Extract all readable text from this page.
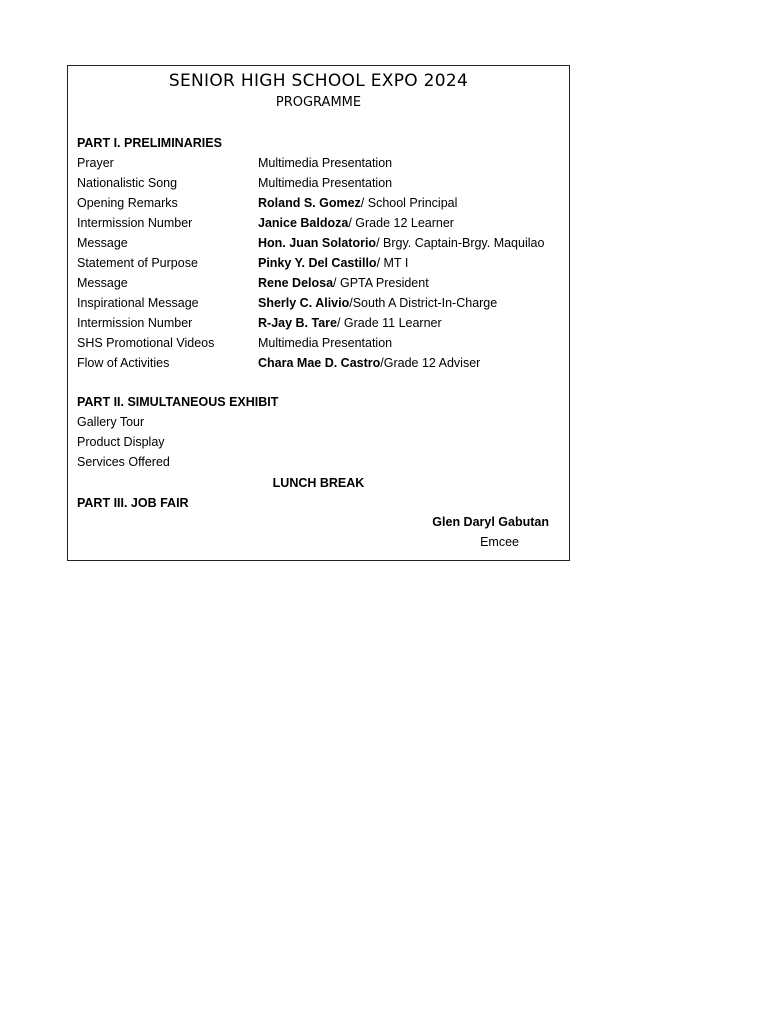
SENIOR HIGH SCHOOL EXPO 2024
PROGRAMME
PART I. PRELIMINARIES
Prayer	Multimedia Presentation
Nationalistic Song	Multimedia Presentation
Opening Remarks	Roland S. Gomez/ School Principal
Intermission Number	Janice Baldoza/ Grade 12 Learner
Message	Hon. Juan Solatorio/ Brgy. Captain-Brgy. Maquilao
Statement of Purpose	Pinky Y. Del Castillo/ MT I
Message	Rene Delosa/ GPTA President
Inspirational Message	Sherly C. Alivio/South A District-In-Charge
Intermission Number	R-Jay B. Tare/ Grade 11 Learner
SHS Promotional Videos	Multimedia Presentation
Flow of Activities	Chara Mae D. Castro/Grade 12 Adviser
PART II. SIMULTANEOUS EXHIBIT
Gallery Tour
Product Display
Services Offered
LUNCH BREAK
PART III. JOB FAIR
Glen Daryl Gabutan
Emcee
